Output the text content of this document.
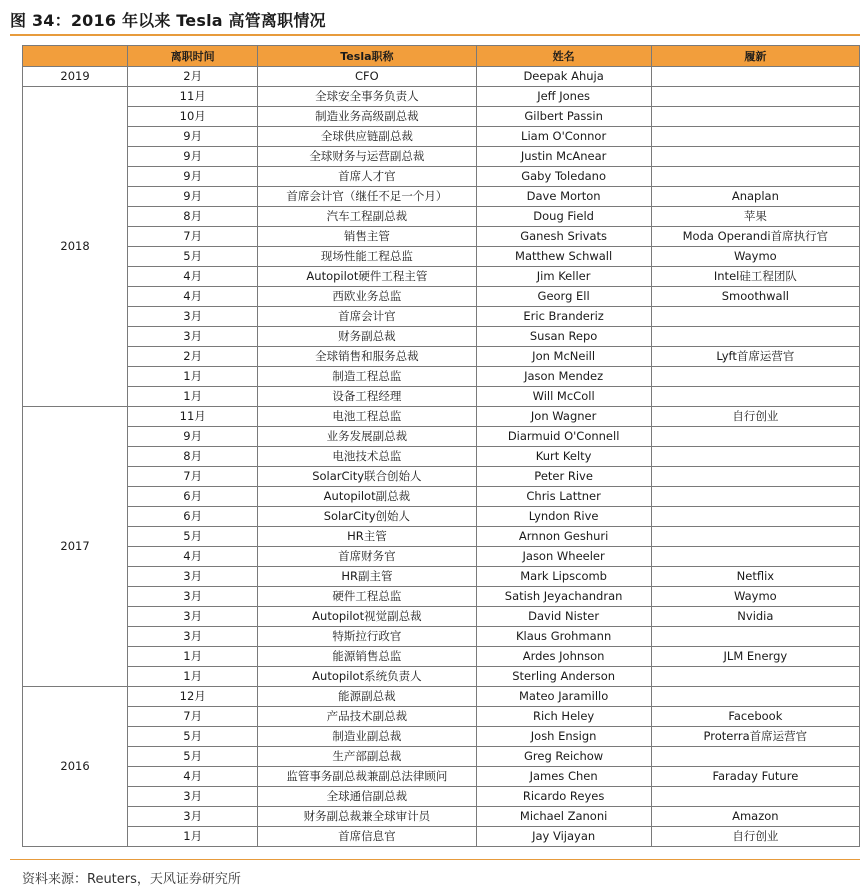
图 34：2016 年以来 Tesla 高管离职情况
	离职时间	Tesla职称	姓名	履新
2019	2月	CFO	Deepak Ahuja	
2018	11月	全球安全事务负责人	Jeff Jones	
	10月	制造业务高级副总裁	Gilbert Passin	
	9月	全球供应链副总裁	Liam O'Connor	
	9月	全球财务与运营副总裁	Justin McAnear	
	9月	首席人才官	Gaby Toledano	
	9月	首席会计官（继任不足一个月）	Dave Morton	Anaplan
	8月	汽车工程副总裁	Doug Field	苹果
	7月	销售主管	Ganesh Srivats	Moda Operandi首席执行官
	5月	现场性能工程总监	Matthew Schwall	Waymo
	4月	Autopilot硬件工程主管	Jim Keller	Intel硅工程团队
	4月	西欧业务总监	Georg Ell	Smoothwall
	3月	首席会计官	Eric Branderiz	
	3月	财务副总裁	Susan Repo	
	2月	全球销售和服务总裁	Jon McNeill	Lyft首席运营官
	1月	制造工程总监	Jason Mendez	
	1月	设备工程经理	Will McColl	
2017	11月	电池工程总监	Jon Wagner	自行创业
	9月	业务发展副总裁	Diarmuid O'Connell	
	8月	电池技术总监	Kurt Kelty	
	7月	SolarCity联合创始人	Peter Rive	
	6月	Autopilot副总裁	Chris Lattner	
	6月	SolarCity创始人	Lyndon Rive	
	5月	HR主管	Arnnon Geshuri	
	4月	首席财务官	Jason Wheeler	
	3月	HR副主管	Mark Lipscomb	Netflix
	3月	硬件工程总监	Satish Jeyachandran	Waymo
	3月	Autopilot视觉副总裁	David Nister	Nvidia
	3月	特斯拉行政官	Klaus Grohmann	
	1月	能源销售总监	Ardes Johnson	JLM Energy
	1月	Autopilot系统负责人	Sterling Anderson	
2016	12月	能源副总裁	Mateo Jaramillo	
	7月	产品技术副总裁	Rich Heley	Facebook
	5月	制造业副总裁	Josh Ensign	Proterra首席运营官
	5月	生产部副总裁	Greg Reichow	
	4月	监管事务副总裁兼副总法律顾问	James Chen	Faraday Future
	3月	全球通信副总裁	Ricardo Reyes	
	3月	财务副总裁兼全球审计员	Michael Zanoni	Amazon
	1月	首席信息官	Jay Vijayan	自行创业
资料来源：Reuters，天风证券研究所
